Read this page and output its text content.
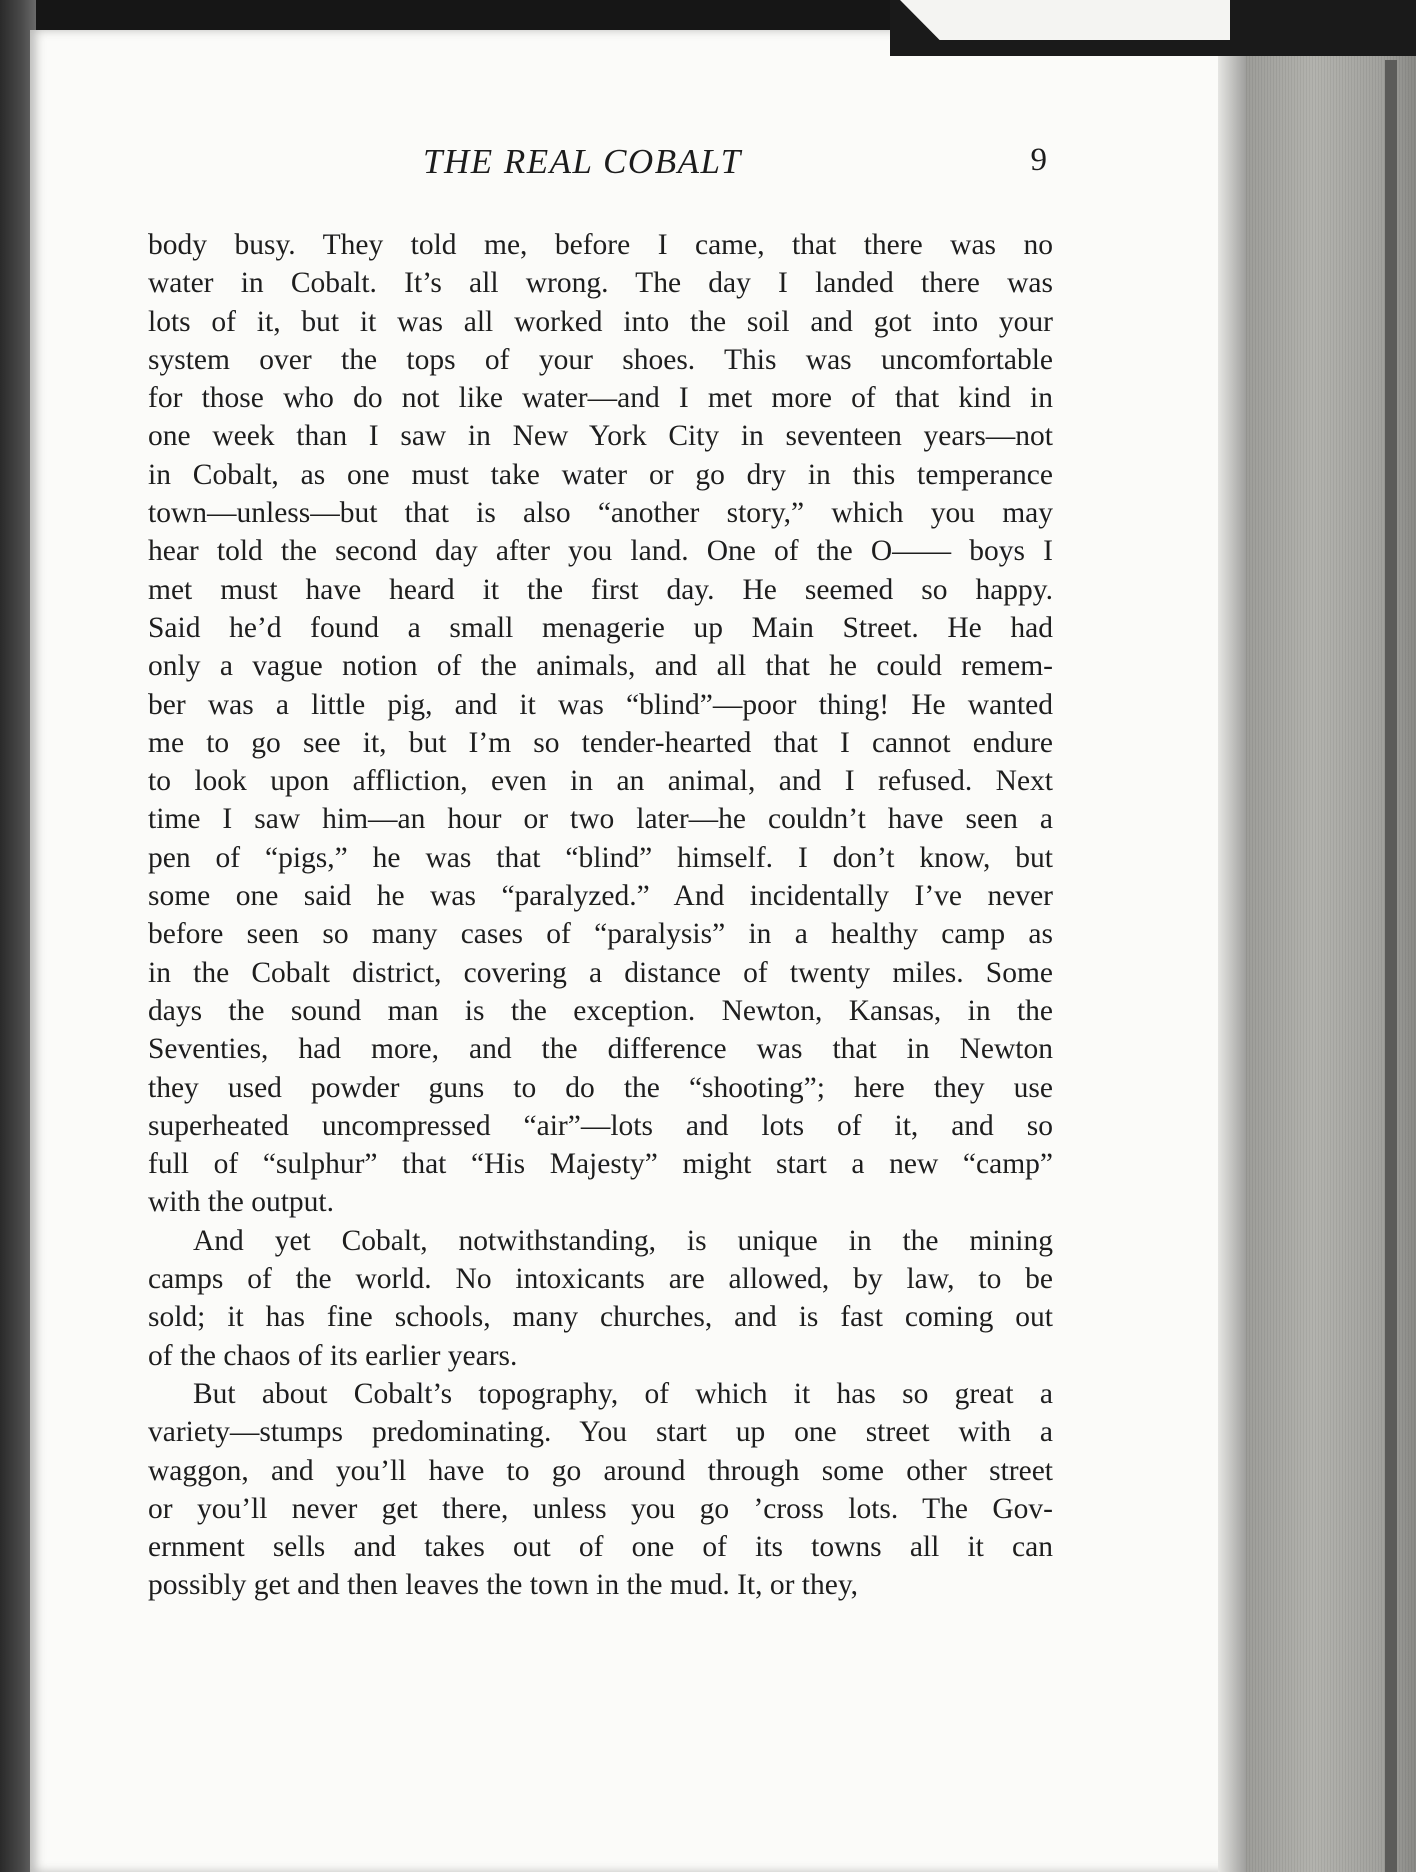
THE REAL COBALT	9
body busy. They told me, before I came, that there was no
water in Cobalt. It’s all wrong. The day I landed there was
lots of it, but it was all worked into the soil and got into your
system over the tops of your shoes. This was uncomfortable
for those who do not like water—and I met more of that kind in
one week than I saw in New York City in seventeen years—not
in Cobalt, as one must take water or go dry in this temperance
town—unless—but that is also “another story,” which you may
hear told the second day after you land. One of the O—— boys I
met must have heard it the first day. He seemed so happy.
Said he’d found a small menagerie up Main Street. He had
only a vague notion of the animals, and all that he could remem-
ber was a little pig, and it was “blind”—poor thing! He wanted
me to go see it, but I’m so tender-hearted that I cannot endure
to look upon affliction, even in an animal, and I refused. Next
time I saw him—an hour or two later—he couldn’t have seen a
pen of “pigs,” he was that “blind” himself. I don’t know, but
some one said he was “paralyzed.” And incidentally I’ve never
before seen so many cases of “paralysis” in a healthy camp as
in the Cobalt district, covering a distance of twenty miles. Some
days the sound man is the exception. Newton, Kansas, in the
Seventies, had more, and the difference was that in Newton
they used powder guns to do the “shooting”; here they use
superheated uncompressed “air”—lots and lots of it, and so
full of “sulphur” that “His Majesty” might start a new “camp”
with the output.
And yet Cobalt, notwithstanding, is unique in the mining
camps of the world. No intoxicants are allowed, by law, to be
sold; it has fine schools, many churches, and is fast coming out
of the chaos of its earlier years.
But about Cobalt’s topography, of which it has so great a
variety—stumps predominating. You start up one street with a
waggon, and you’ll have to go around through some other street
or you’ll never get there, unless you go ’cross lots. The Gov-
ernment sells and takes out of one of its towns all it can
possibly get and then leaves the town in the mud. It, or they,
